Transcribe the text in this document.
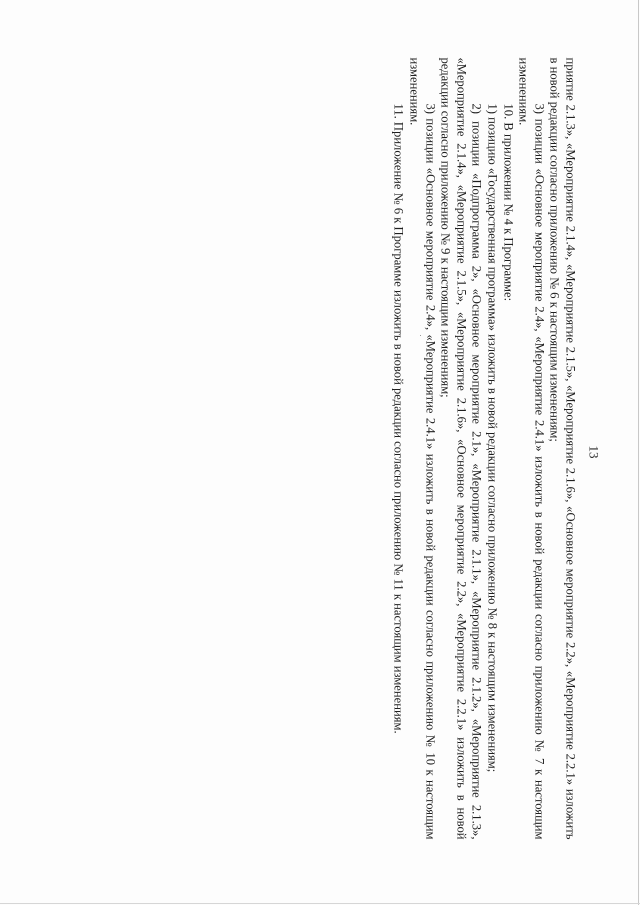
13

приятие 2.1.3», «Мероприятие 2.1.4», «Мероприятие 2.1.5», «Мероприятие 2.1.6», «Основное мероприятие 2.2», «Мероприятие 2.2.1» изложить в новой редакции согласно приложению № 6 к настоящим изменениям;

3) позиции «Основное мероприятие 2.4», «Мероприятие 2.4.1» изложить в новой редакции согласно приложению № 7 к настоящим изменениям.

10. В приложении № 4 к Программе:

1) позицию «Государственная программа» изложить в новой редакции согласно приложению № 8 к настоящим изменениям;

2) позиции «Подпрограмма 2», «Основное мероприятие 2.1», «Мероприятие 2.1.1», «Мероприятие 2.1.2», «Мероприятие 2.1.3», «Мероприятие 2.1.4», «Мероприятие 2.1.5», «Мероприятие 2.1.6», «Основное мероприятие 2.2», «Мероприятие 2.2.1» изложить в новой редакции согласно приложению № 9 к настоящим изменениям;

3) позиции «Основное мероприятие 2.4», «Мероприятие 2.4.1» изложить в новой редакции согласно приложению № 10 к настоящим изменениям.

11. Приложение № 6 к Программе изложить в новой редакции согласно приложению № 11 к настоящим изменениям.
